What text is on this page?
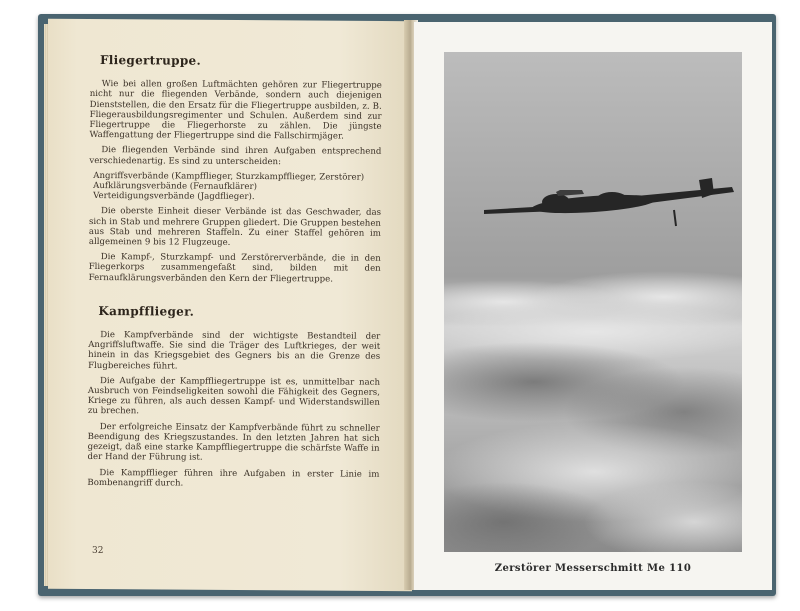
Fliegertruppe.

Wie bei allen großen Luftmächten gehören zur Fliegertruppe nicht nur die fliegenden Verbände, sondern auch diejenigen Dienststellen, die den Ersatz für die Fliegertruppe ausbilden, z. B. Fliegerausbildungsregimenter und Schulen. Außerdem sind zur Fliegertruppe die Fliegerhorste zu zählen. Die jüngste Waffengattung der Fliegertruppe sind die Fallschirmjäger.

Die fliegenden Verbände sind ihren Aufgaben entsprechend verschiedenartig. Es sind zu unterscheiden:

Angriffsverbände (Kampfflieger, Sturzkampfflieger, Zerstörer)
Aufklärungsverbände (Fernaufklärer)
Verteidigungsverbände (Jagdflieger).

Die oberste Einheit dieser Verbände ist das Geschwader, das sich in Stab und mehrere Gruppen gliedert. Die Gruppen bestehen aus Stab und mehreren Staffeln. Zu einer Staffel gehören im allgemeinen 9 bis 12 Flugzeuge.

Die Kampf-, Sturzkampf- und Zerstörerverbände, die in den Fliegerkorps zusammengefaßt sind, bilden mit den Fernaufklärungsverbänden den Kern der Fliegertruppe.

Kampfflieger.

Die Kampfverbände sind der wichtigste Bestandteil der Angriffsluftwaffe. Sie sind die Träger des Luftkrieges, der weit hinein in das Kriegsgebiet des Gegners bis an die Grenze des Flugbereiches führt.

Die Aufgabe der Kampffliegertruppe ist es, unmittelbar nach Ausbruch von Feindseligkeiten sowohl die Fähigkeit des Gegners, Kriege zu führen, als auch dessen Kampf- und Widerstandswillen zu brechen.

Der erfolgreiche Einsatz der Kampfverbände führt zu schneller Beendigung des Kriegszustandes. In den letzten Jahren hat sich gezeigt, daß eine starke Kampffliegertruppe die schärfste Waffe in der Hand der Führung ist.

Die Kampfflieger führen ihre Aufgaben in erster Linie im Bombenangriff durch.

32
Zerstörer Messerschmitt Me 110
